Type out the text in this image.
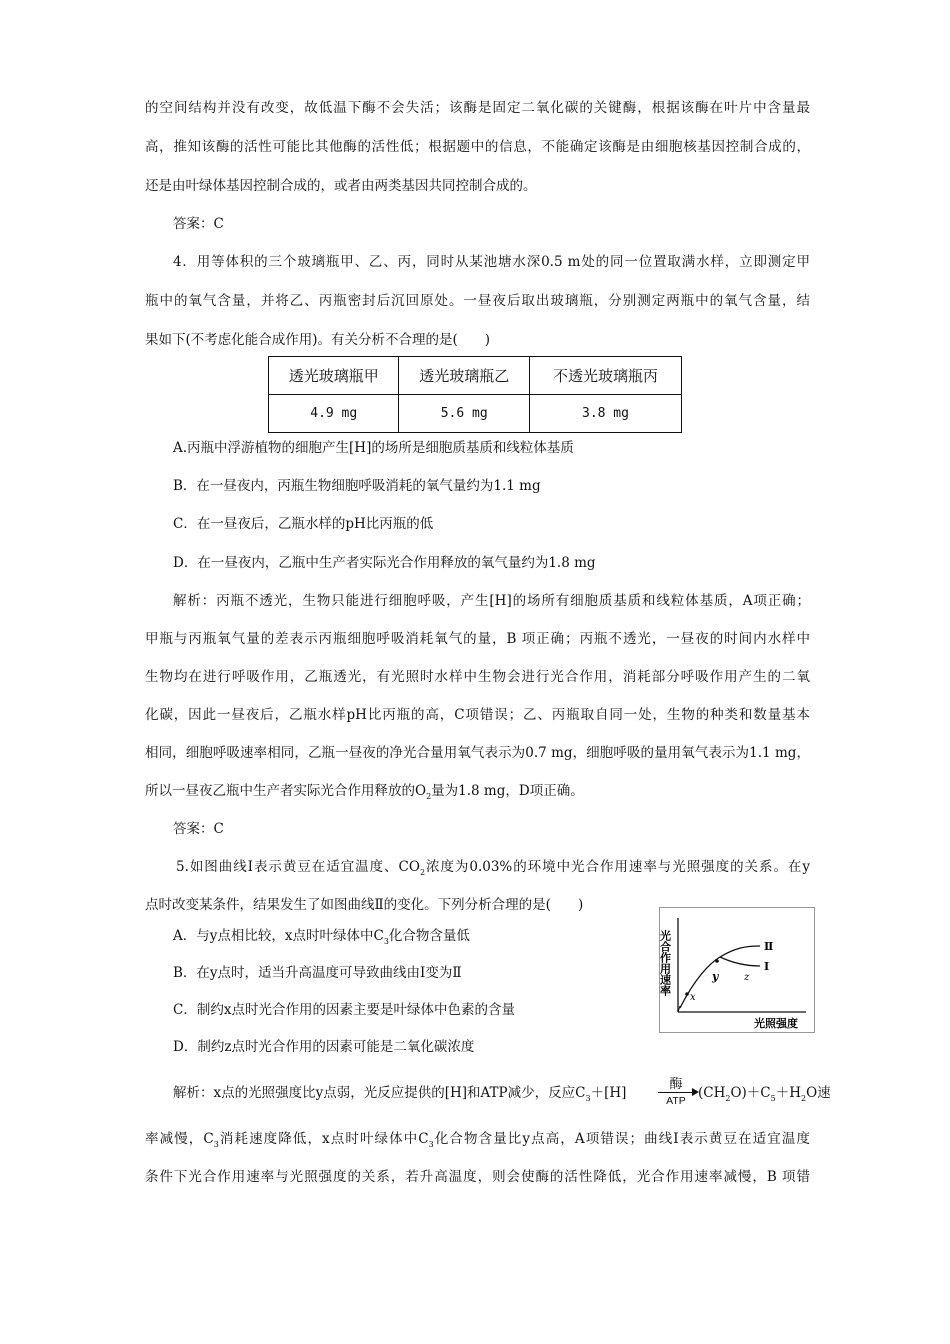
的空间结构并没有改变，故低温下酶不会失活；该酶是固定二氧化碳的关键酶，根据该酶在叶片中含量最
高，推知该酶的活性可能比其他酶的活性低；根据题中的信息，不能确定该酶是由细胞核基因控制合成的，
还是由叶绿体基因控制合成的，或者由两类基因共同控制合成的。
答案：C
4．用等体积的三个玻璃瓶甲、乙、丙，同时从某池塘水深0.5 m处的同一位置取满水样，立即测定甲
瓶中的氧气含量，并将乙、丙瓶密封后沉回原处。一昼夜后取出玻璃瓶，分别测定两瓶中的氧气含量，结
果如下(不考虑化能合成作用)。有关分析不合理的是(　　)
透光玻璃瓶甲	透光玻璃瓶乙	不透光玻璃瓶丙
4.9 mg	5.6 mg	3.8 mg
A.丙瓶中浮游植物的细胞产生[H]的场所是细胞质基质和线粒体基质
B．在一昼夜内，丙瓶生物细胞呼吸消耗的氧气量约为1.1 mg
C．在一昼夜后，乙瓶水样的pH比丙瓶的低
D．在一昼夜内，乙瓶中生产者实际光合作用释放的氧气量约为1.8 mg
解析：丙瓶不透光，生物只能进行细胞呼吸，产生[H]的场所有细胞质基质和线粒体基质，A项正确；
甲瓶与丙瓶氧气量的差表示丙瓶细胞呼吸消耗氧气的量，B 项正确；丙瓶不透光，一昼夜的时间内水样中
生物均在进行呼吸作用，乙瓶透光，有光照时水样中生物会进行光合作用，消耗部分呼吸作用产生的二氧
化碳，因此一昼夜后，乙瓶水样pH比丙瓶的高，C项错误；乙、丙瓶取自同一处，生物的种类和数量基本
相同，细胞呼吸速率相同，乙瓶一昼夜的净光合量用氧气表示为0.7 mg，细胞呼吸的量用氧气表示为1.1 mg，
所以一昼夜乙瓶中生产者实际光合作用释放的$O_2$量为1.8 mg，D项正确。
答案：C
5.如图曲线Ⅰ表示黄豆在适宜温度、$CO_2$浓度为0.03%的环境中光合作用速率与光照强度的关系。在y
点时改变某条件，结果发生了如图曲线Ⅱ的变化。下列分析合理的是(　　)
A．与y点相比较，x点时叶绿体中$C_3$化合物含量低
B．在y点时，适当升高温度可导致曲线由Ⅰ变为Ⅱ
C．制约x点时光合作用的因素主要是叶绿体中色素的含量
D．制约z点时光合作用的因素可能是二氧化碳浓度
光合作用速率
x
y	z
Ⅱ
Ⅰ
光照强度
解析：x点的光照强度比y点弱，光反应提供的[H]和ATP减少，反应$C_3+[H]$
酶
ATP $(CH_2O)+C_5+H_2O$速
率减慢，$C_3$消耗速度降低，x点时叶绿体中$C_3$化合物含量比y点高，A项错误；曲线Ⅰ表示黄豆在适宜温度
条件下光合作用速率与光照强度的关系，若升高温度，则会使酶的活性降低，光合作用速率减慢，B 项错
